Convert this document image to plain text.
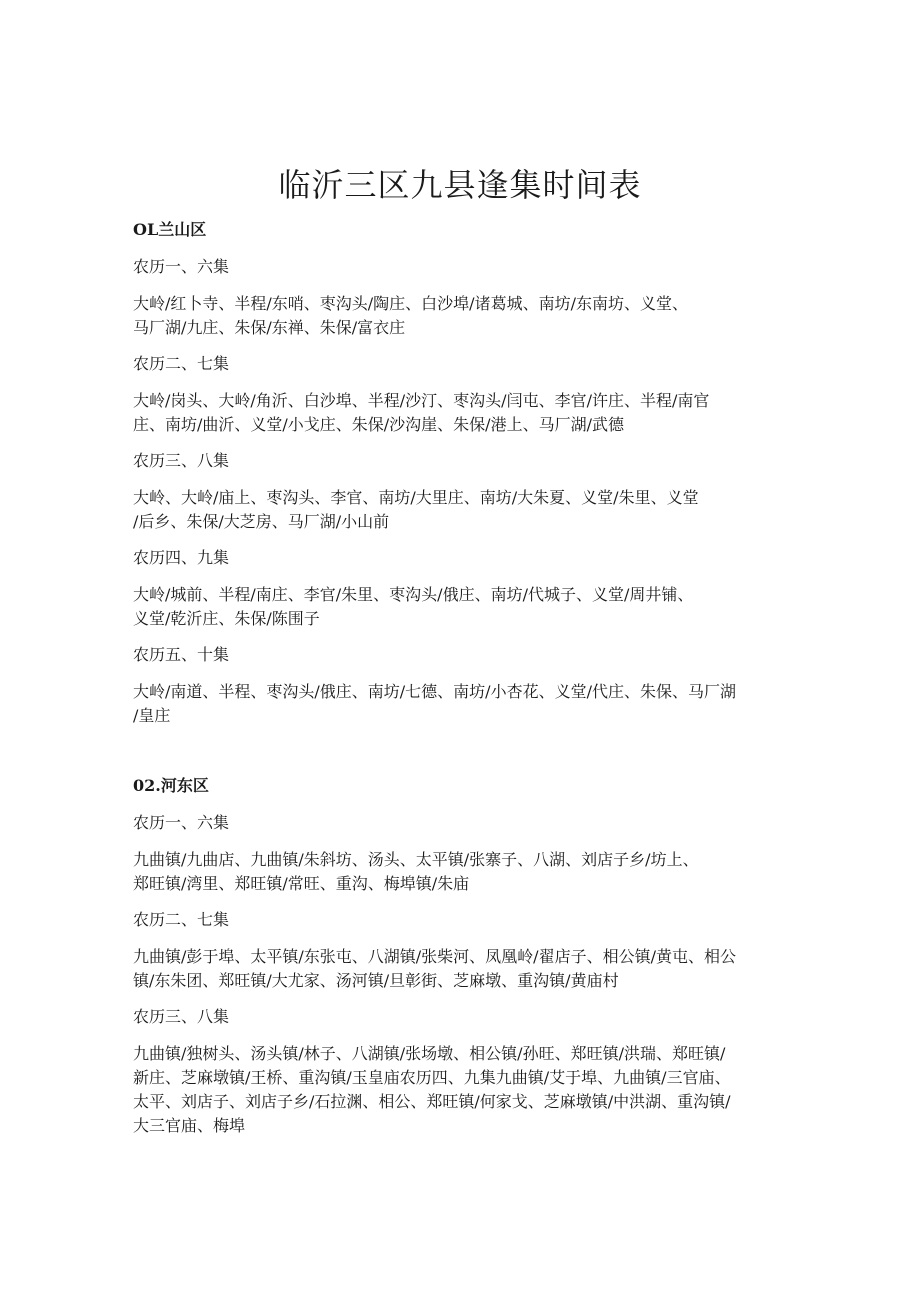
临沂三区九县逢集时间表
OL兰山区
农历一、六集
大岭/红卜寺、半程/东哨、枣沟头/陶庄、白沙埠/诸葛城、南坊/东南坊、义堂、
马厂湖/九庄、朱保/东禅、朱保/富衣庄
农历二、七集
大岭/岗头、大岭/角沂、白沙埠、半程/沙汀、枣沟头/闫屯、李官/许庄、半程/南官
庄、南坊/曲沂、义堂/小戈庄、朱保/沙沟崖、朱保/港上、马厂湖/武德
农历三、八集
大岭、大岭/庙上、枣沟头、李官、南坊/大里庄、南坊/大朱夏、义堂/朱里、义堂
/后乡、朱保/大芝房、马厂湖/小山前
农历四、九集
大岭/城前、半程/南庄、李官/朱里、枣沟头/俄庄、南坊/代城子、义堂/周井铺、
义堂/乾沂庄、朱保/陈围子
农历五、十集
大岭/南道、半程、枣沟头/俄庄、南坊/七德、南坊/小杏花、义堂/代庄、朱保、马厂湖
/皇庄
02.河东区
农历一、六集
九曲镇/九曲店、九曲镇/朱斜坊、汤头、太平镇/张寨子、八湖、刘店子乡/坊上、
郑旺镇/湾里、郑旺镇/常旺、重沟、梅埠镇/朱庙
农历二、七集
九曲镇/彭于埠、太平镇/东张屯、八湖镇/张柴河、凤凰岭/翟店子、相公镇/黄屯、相公
镇/东朱团、郑旺镇/大尤家、汤河镇/旦彰街、芝麻墩、重沟镇/黄庙村
农历三、八集
九曲镇/独树头、汤头镇/林子、八湖镇/张场墩、相公镇/孙旺、郑旺镇/洪瑞、郑旺镇/
新庄、芝麻墩镇/王桥、重沟镇/玉皇庙农历四、九集九曲镇/艾于埠、九曲镇/三官庙、
太平、刘店子、刘店子乡/石拉渊、相公、郑旺镇/何家戈、芝麻墩镇/中洪湖、重沟镇/
大三官庙、梅埠
